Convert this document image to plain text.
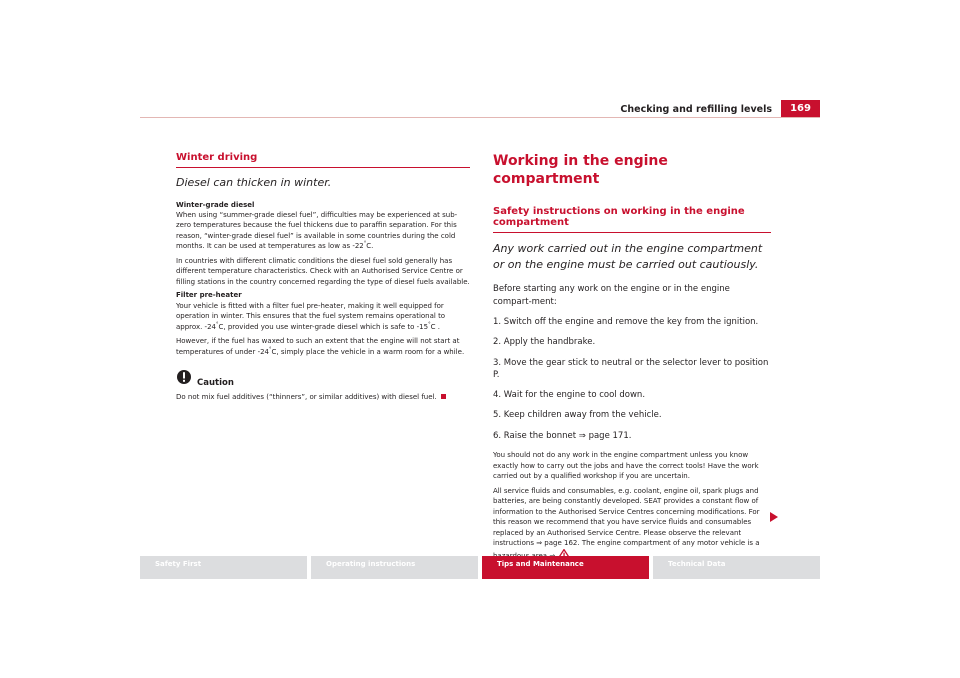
169
Checking and refilling levels
Winter driving
Diesel can thicken in winter.
Winter-grade diesel

When using “summer-grade diesel fuel”, difficulties may be experienced at sub-zero temperatures because the fuel thickens due to paraffin separation. For this reason, “winter-grade diesel fuel” is available in some countries during the cold months. It can be used at temperatures as low as -22°C.

In countries with different climatic conditions the diesel fuel sold generally has different temperature characteristics. Check with an Authorised Service Centre or filling stations in the country concerned regarding the type of diesel fuels available.

Filter pre-heater

Your vehicle is fitted with a filter fuel pre-heater, making it well equipped for operation in winter. This ensures that the fuel system remains operational to approx. -24°C, provided you use winter-grade diesel which is safe to -15°C .

However, if the fuel has waxed to such an extent that the engine will not start at temperatures of under -24°C, simply place the vehicle in a warm room for a while.

Caution

Do not mix fuel additives (“thinners”, or similar additives) with diesel fuel.

Working in the engine compartment
Safety instructions on working in the engine compartment
Any work carried out in the engine compartment or on the engine must be carried out cautiously.

Before starting any work on the engine or in the engine compart-ment:

1. Switch off the engine and remove the key from the ignition.

2. Apply the handbrake.

3. Move the gear stick to neutral or the selector lever to position P.

4. Wait for the engine to cool down.

5. Keep children away from the vehicle.

6. Raise the bonnet ⇒ page 171.

You should not do any work in the engine compartment unless you know exactly how to carry out the jobs and have the correct tools! Have the work carried out by a qualified workshop if you are uncertain.

All service fluids and consumables, e.g. coolant, engine oil, spark plugs and batteries, are being constantly developed. SEAT provides a constant flow of information to the Authorised Service Centres concerning modifications. For this reason we recommend that you have service fluids and consumables replaced by an Authorised Service Centre. Please observe the relevant instructions ⇒ page 162. The engine compartment of any motor vehicle is a

Safety First	Operating instructions	Tips and Maintenance	Technical Data
